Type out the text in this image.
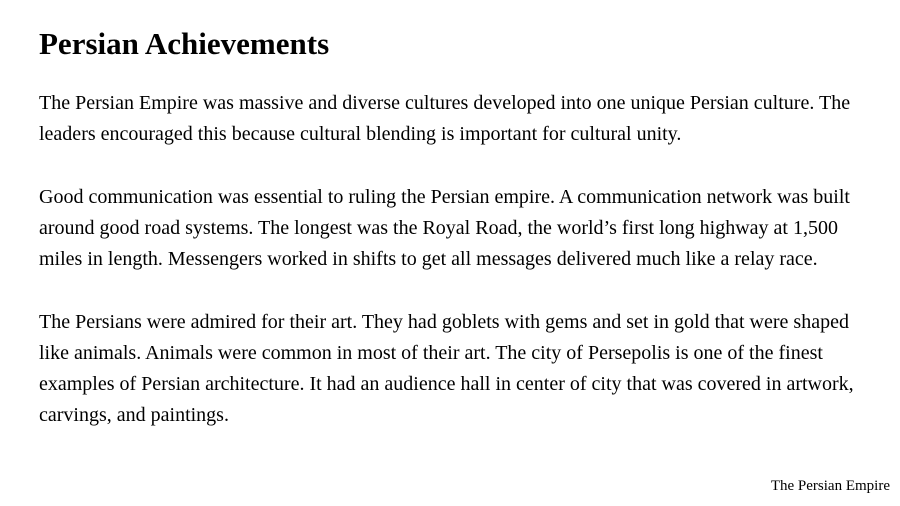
Persian Achievements

The Persian Empire was massive and diverse cultures developed into one unique Persian culture. The leaders encouraged this because cultural blending is important for cultural unity.

Good communication was essential to ruling the Persian empire. A communication network was built around good road systems. The longest was the Royal Road, the world’s first long highway at 1,500 miles in length. Messengers worked in shifts to get all messages delivered much like a relay race.

The Persians were admired for their art. They had goblets with gems and set in gold that were shaped like animals. Animals were common in most of their art. The city of Persepolis is one of the finest examples of Persian architecture. It had an audience hall in center of city that was covered in artwork, carvings, and paintings.

The Persian Empire
